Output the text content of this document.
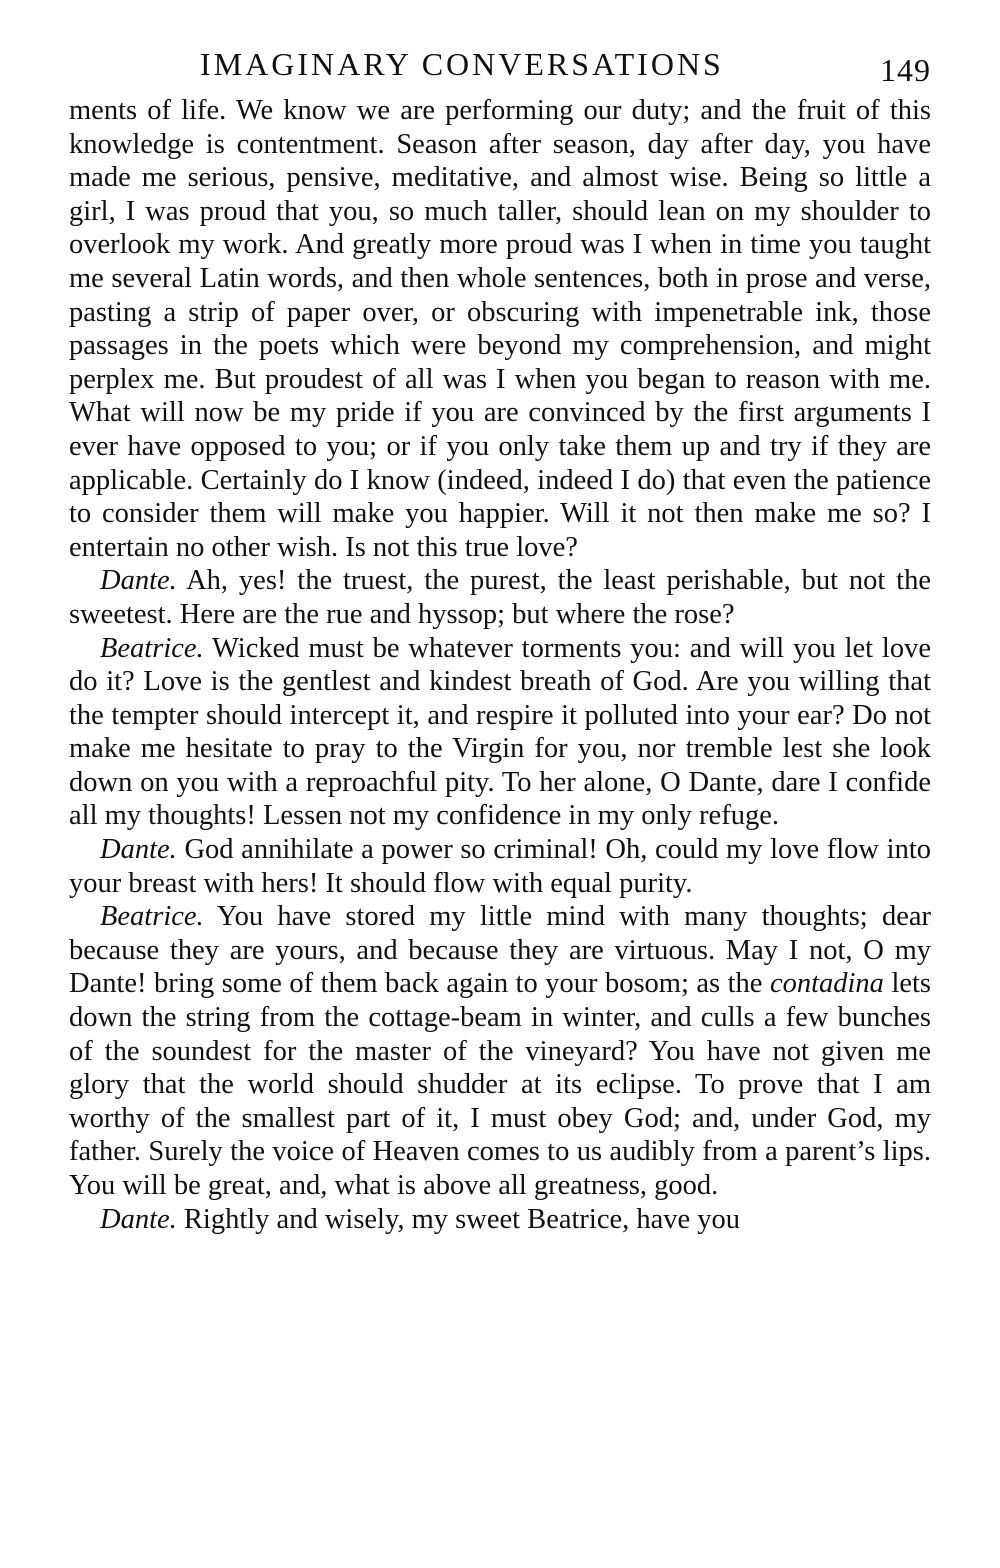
IMAGINARY CONVERSATIONS	149

ments of life. We know we are performing our duty; and the fruit of this knowledge is contentment. Season after season, day after day, you have made me serious, pensive, meditative, and almost wise. Being so little a girl, I was proud that you, so much taller, should lean on my shoulder to overlook my work. And greatly more proud was I when in time you taught me several Latin words, and then whole sentences, both in prose and verse, pasting a strip of paper over, or obscuring with impenetrable ink, those passages in the poets which were beyond my comprehension, and might perplex me. But proudest of all was I when you began to reason with me. What will now be my pride if you are convinced by the first arguments I ever have opposed to you; or if you only take them up and try if they are applicable. Certainly do I know (indeed, indeed I do) that even the patience to consider them will make you happier. Will it not then make me so? I entertain no other wish. Is not this true love?

Dante. Ah, yes! the truest, the purest, the least perishable, but not the sweetest. Here are the rue and hyssop; but where the rose?

Beatrice. Wicked must be whatever torments you: and will you let love do it? Love is the gentlest and kindest breath of God. Are you willing that the tempter should intercept it, and respire it polluted into your ear? Do not make me hesitate to pray to the Virgin for you, nor tremble lest she look down on you with a reproachful pity. To her alone, O Dante, dare I confide all my thoughts! Lessen not my confidence in my only refuge.

Dante. God annihilate a power so criminal! Oh, could my love flow into your breast with hers! It should flow with equal purity.

Beatrice. You have stored my little mind with many thoughts; dear because they are yours, and because they are virtuous. May I not, O my Dante! bring some of them back again to your bosom; as the contadina lets down the string from the cottage-beam in winter, and culls a few bunches of the soundest for the master of the vineyard? You have not given me glory that the world should shudder at its eclipse. To prove that I am worthy of the smallest part of it, I must obey God; and, under God, my father. Surely the voice of Heaven comes to us audibly from a parent’s lips. You will be great, and, what is above all greatness, good.

Dante. Rightly and wisely, my sweet Beatrice, have you
